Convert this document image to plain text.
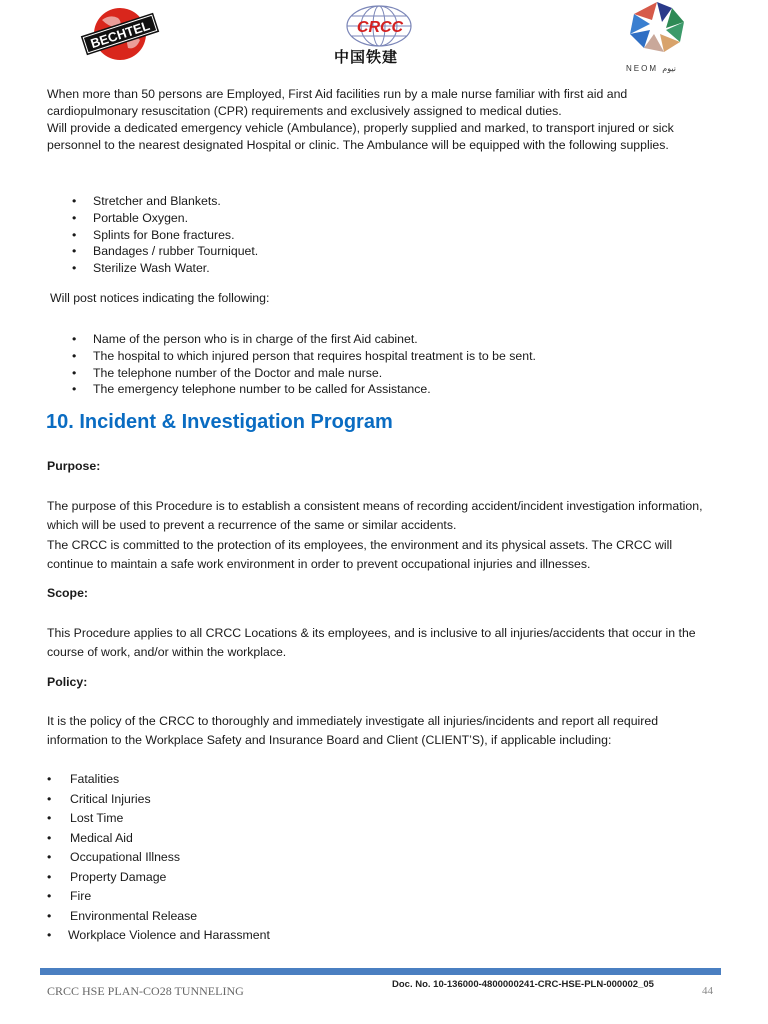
BECHTEL	CRCC
中国铁建
NEOM نيوم
When more than 50 persons are Employed, First Aid facilities run by a male nurse familiar with first aid and cardiopulmonary resuscitation (CPR) requirements and exclusively assigned to medical duties.
Will provide a dedicated emergency vehicle (Ambulance), properly supplied and marked, to transport injured or sick personnel to the nearest designated Hospital or clinic. The Ambulance will be equipped with the following supplies.
• Stretcher and Blankets.
• Portable Oxygen.
• Splints for Bone fractures.
• Bandages / rubber Tourniquet.
• Sterilize Wash Water.
Will post notices indicating the following:
• Name of the person who is in charge of the first Aid cabinet.
• The hospital to which injured person that requires hospital treatment is to be sent.
• The telephone number of the Doctor and male nurse.
• The emergency telephone number to be called for Assistance.
10. Incident & Investigation Program
Purpose:
The purpose of this Procedure is to establish a consistent means of recording accident/incident investigation information, which will be used to prevent a recurrence of the same or similar accidents.
The CRCC is committed to the protection of its employees, the environment and its physical assets. The CRCC will continue to maintain a safe work environment in order to prevent occupational injuries and illnesses.
Scope:
This Procedure applies to all CRCC Locations & its employees, and is inclusive to all injuries/accidents that occur in the course of work, and/or within the workplace.
Policy:
It is the policy of the CRCC to thoroughly and immediately investigate all injuries/incidents and report all required information to the Workplace Safety and Insurance Board and Client (CLIENT’S), if applicable including:
• Fatalities
• Critical Injuries
• Lost Time
• Medical Aid
• Occupational Illness
• Property Damage
• Fire
• Environmental Release
• Workplace Violence and Harassment
CRCC HSE PLAN-CO28 TUNNELING	Doc. No. 10-136000-4800000241-CRC-HSE-PLN-000002_05
44
